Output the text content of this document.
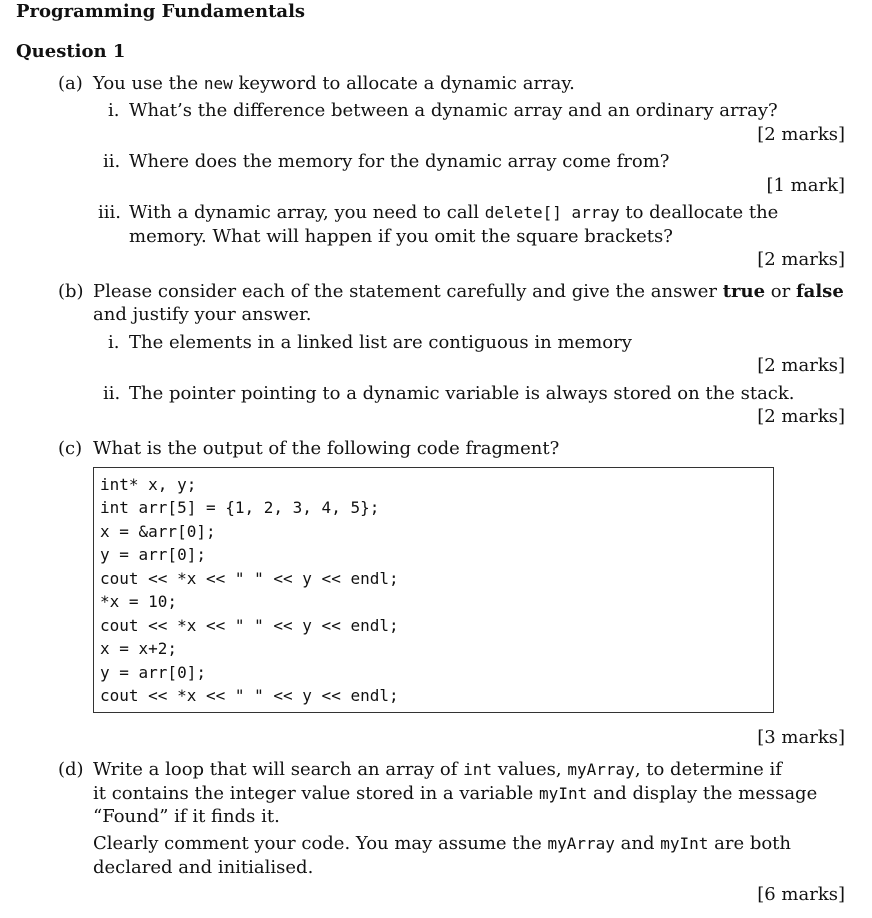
Programming Fundamentals
Question 1
(a) You use the new keyword to allocate a dynamic array.
i. What’s the difference between a dynamic array and an ordinary array?
[2 marks]
ii. Where does the memory for the dynamic array come from?
[1 mark]
iii. With a dynamic array, you need to call delete[] array to deallocate the
memory. What will happen if you omit the square brackets?
[2 marks]
(b) Please consider each of the statement carefully and give the answer true or false
and justify your answer.
i. The elements in a linked list are contiguous in memory
[2 marks]
ii. The pointer pointing to a dynamic variable is always stored on the stack.
[2 marks]
(c) What is the output of the following code fragment?
int* x, y;
int arr[5] = {1, 2, 3, 4, 5};
x = &arr[0];
y = arr[0];
cout << *x << " " << y << endl;
*x = 10;
cout << *x << " " << y << endl;
x = x+2;
y = arr[0];
cout << *x << " " << y << endl;
[3 marks]
(d) Write a loop that will search an array of int values, myArray, to determine if
it contains the integer value stored in a variable myInt and display the message
“Found” if it finds it.
Clearly comment your code. You may assume the myArray and myInt are both
declared and initialised.
[6 marks]
